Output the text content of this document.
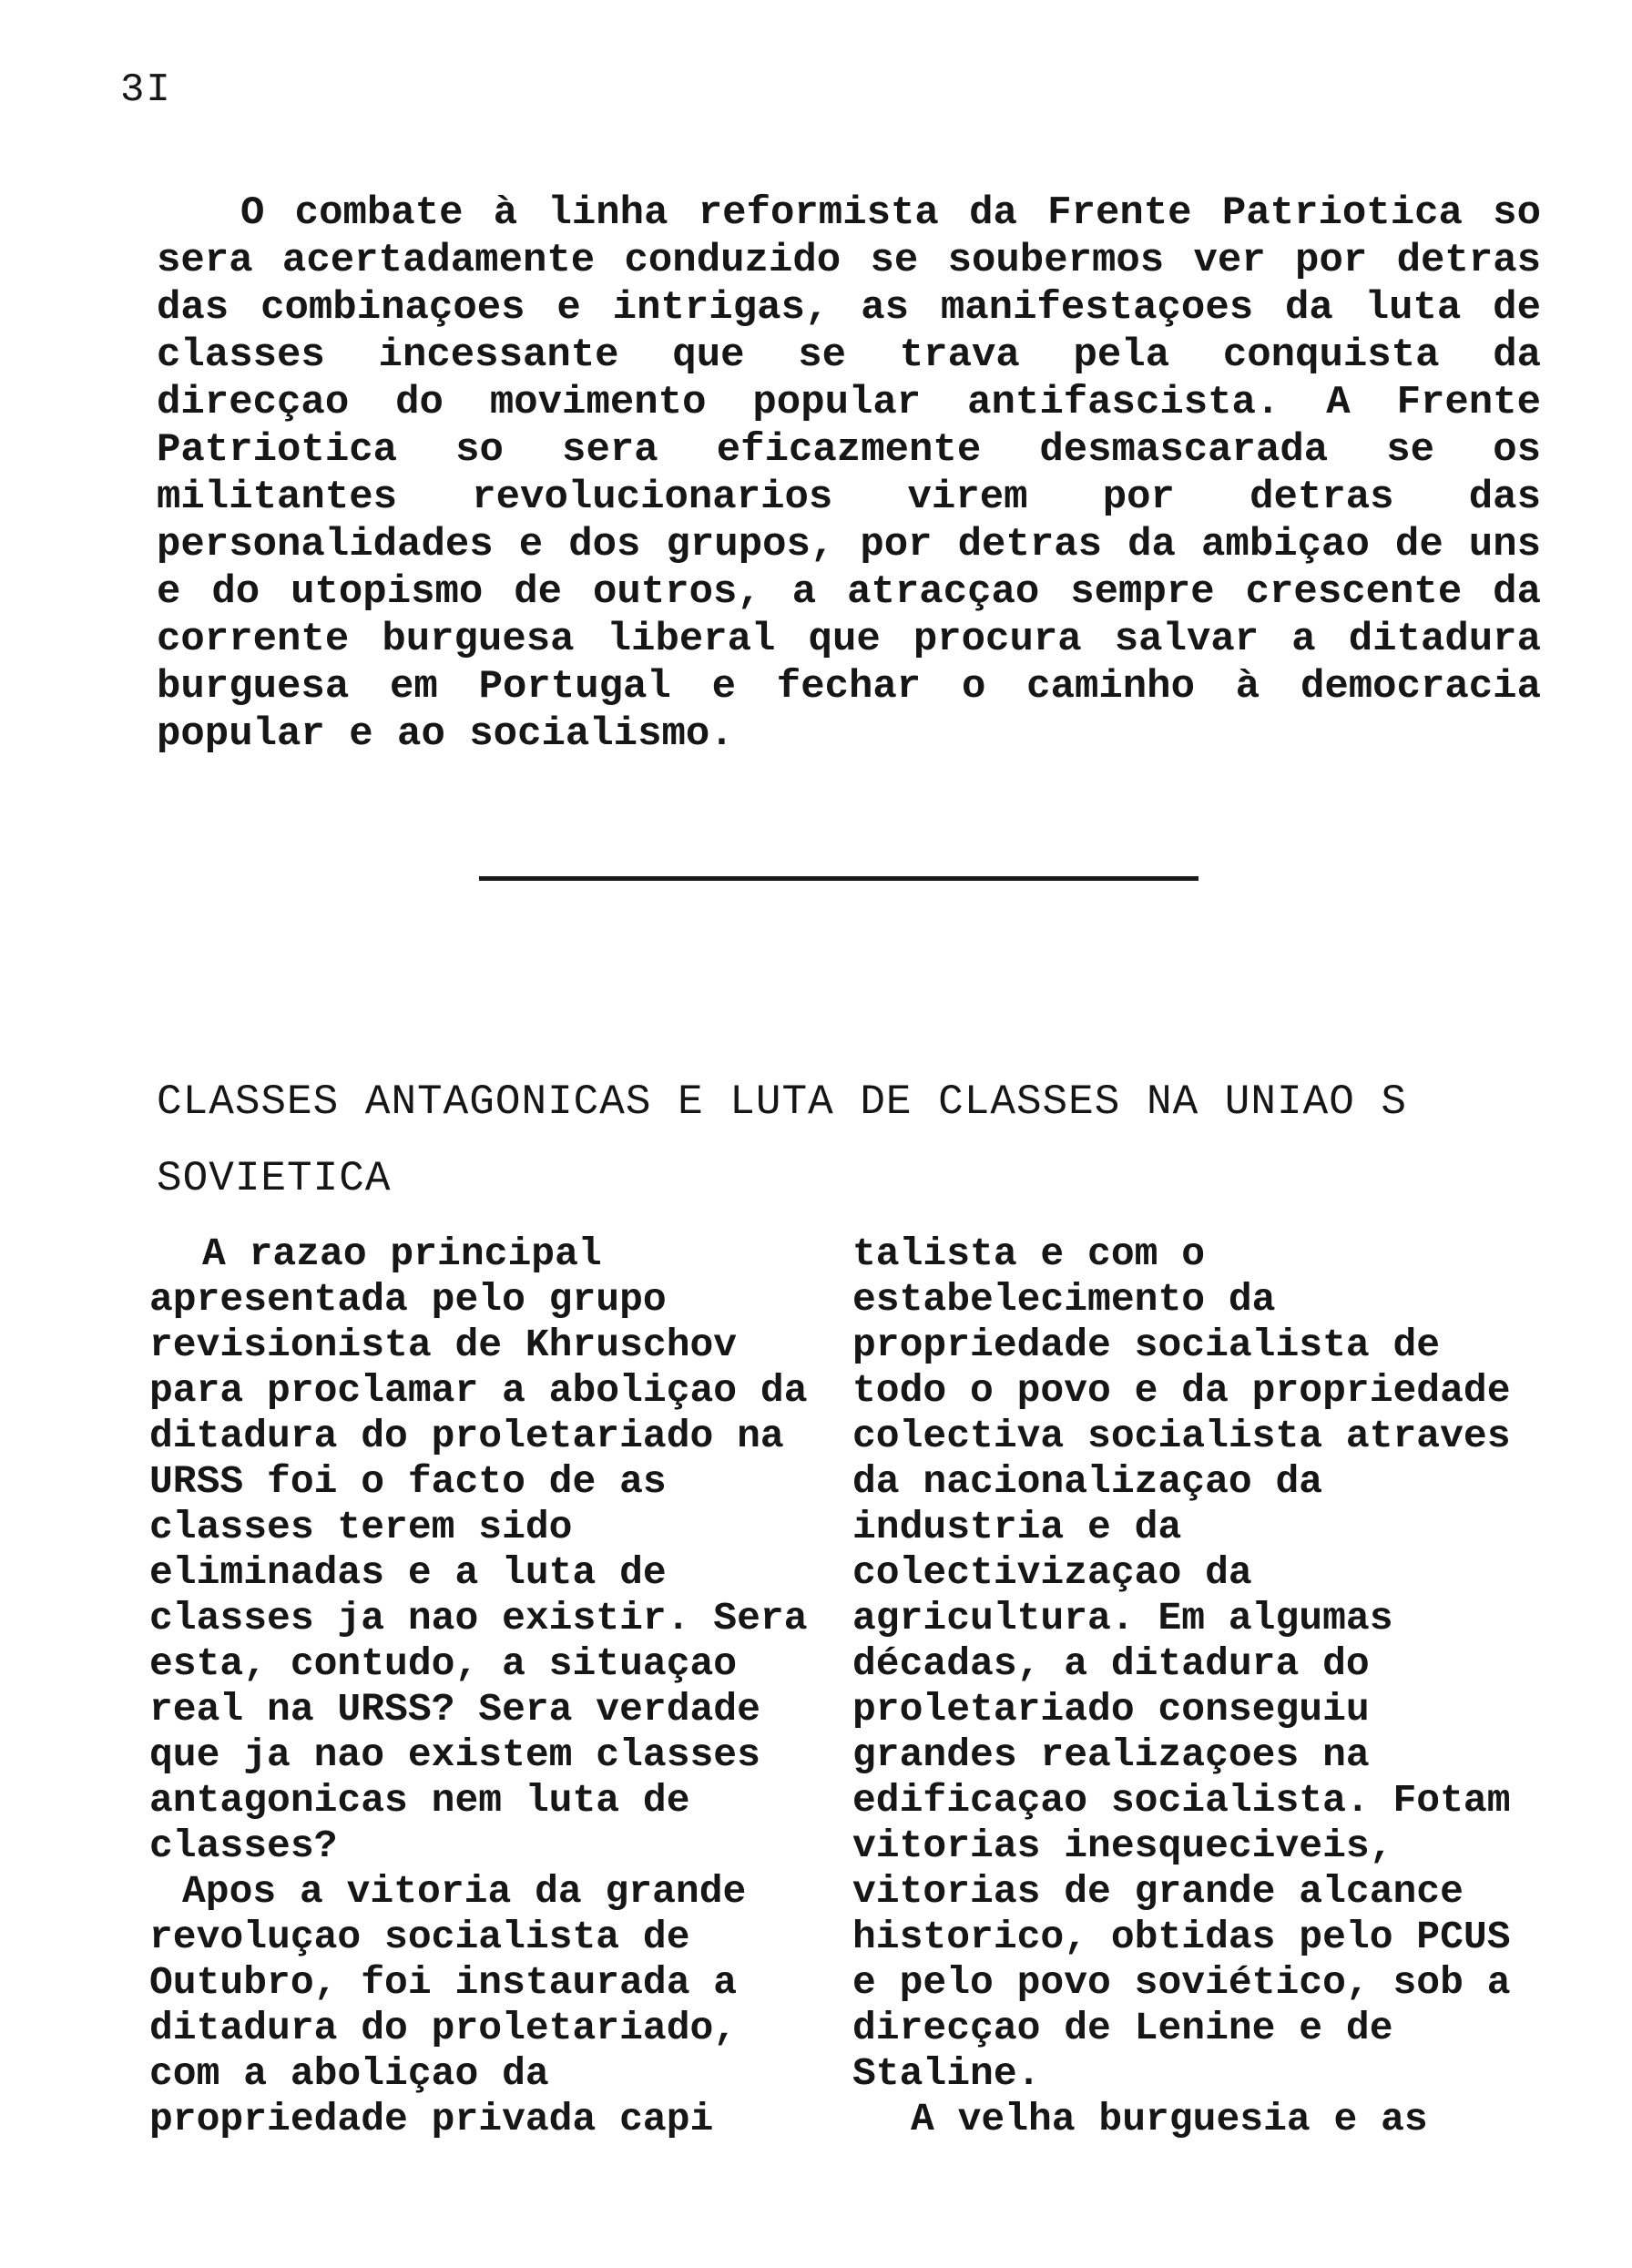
3I

O combate à linha reformista da Frente Patriotica so sera acertadamente conduzido se soubermos ver por detras das combinaçoes e intrigas, as manifestaçoes da luta de classes incessante que se trava pela conquista da direcçao do movimento popular antifascista. A Frente Patriotica so sera eficazmente desmascarada se os militantes revolucionarios virem por detras das personalidades e dos grupos, por detras da ambiçao de uns e do utopismo de outros, a atracçao sempre crescente da corrente burguesa liberal que procura salvar a ditadura burguesa em Portugal e fechar o caminho à democracia popular e ao socialismo.

CLASSES ANTAGONICAS E LUTA DE CLASSES NA UNIAO S SOVIETICA

A razao principal apresentada pelo grupo revisionista de Khruschov para proclamar a aboliçao da ditadura do proletariado na URSS foi o facto de as classes terem sido eliminadas e a luta de classes ja nao existir. Sera esta, contudo, a situaçao real na URSS? Sera verdade que ja nao existem classes antagonicas nem luta de classes?

Apos a vitoria da grande revoluçao socialista de Outubro, foi instaurada a ditadura do proletariado, com a aboliçao da propriedade privada capi

talista e com o estabelecimento da propriedade socialista de todo o povo e da propriedade colectiva socialista atraves da nacionalizaçao da industria e da colectivizaçao da agricultura. Em algumas décadas, a ditadura do proletariado conseguiu grandes realizaçoes na edificaçao socialista. Fotam vitorias inesqueciveis, vitorias de grande alcance historico, obtidas pelo PCUS e pelo povo soviético, sob a direcçao de Lenine e de Staline.

A velha burguesia e as
